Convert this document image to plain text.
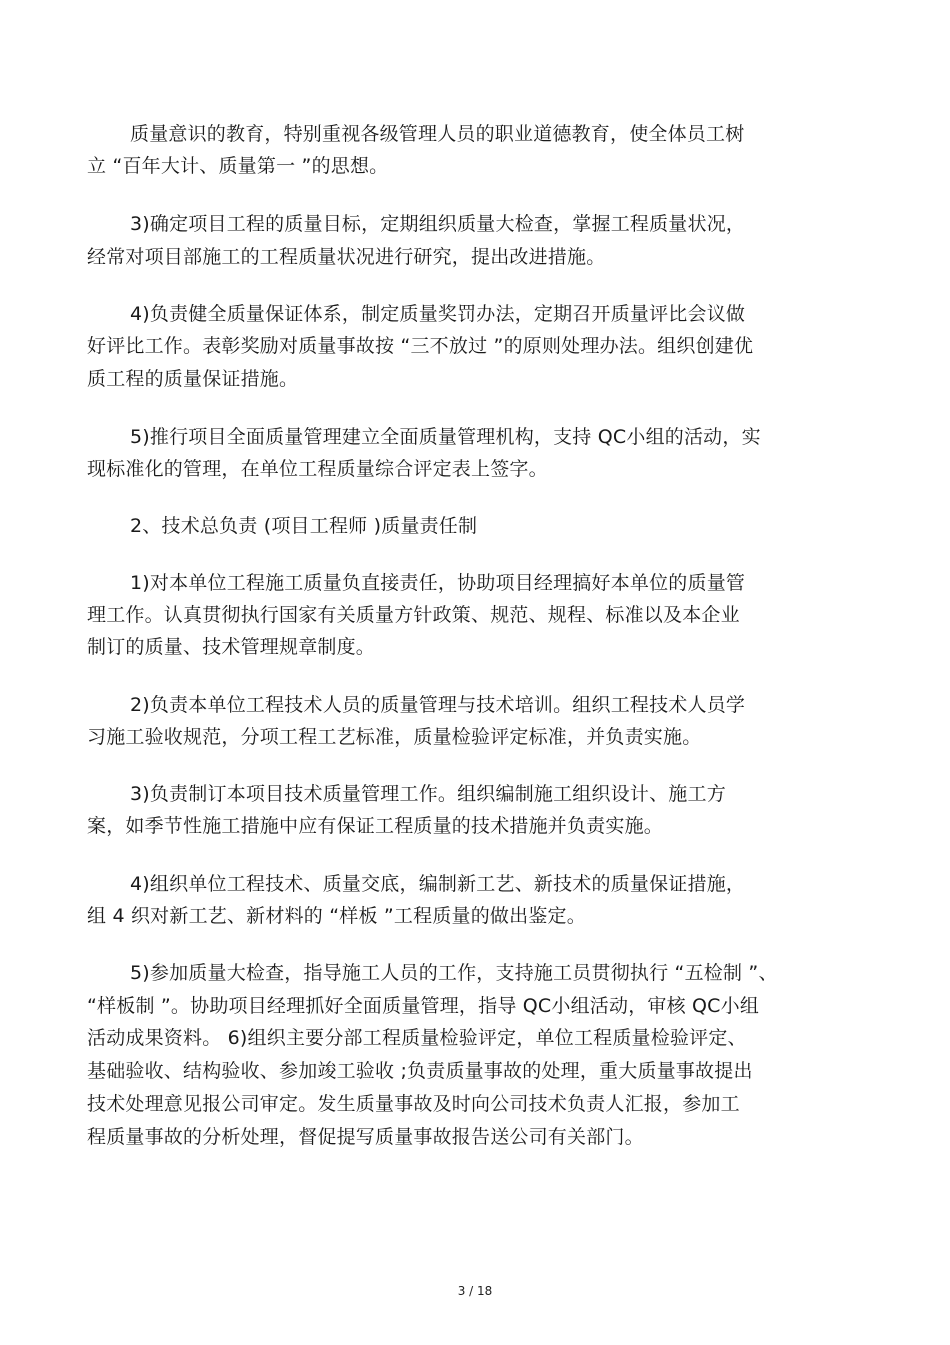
质量意识的教育，特别重视各级管理人员的职业道德教育，使全体员工树
立 “百年大计、质量第一 ”的思想。
3)确定项目工程的质量目标，定期组织质量大检查，掌握工程质量状况，
经常对项目部施工的工程质量状况进行研究，提出改进措施。
4)负责健全质量保证体系，制定质量奖罚办法，定期召开质量评比会议做
好评比工作。表彰奖励对质量事故按 “三不放过 ”的原则处理办法。组织创建优
质工程的质量保证措施。
5)推行项目全面质量管理建立全面质量管理机构，支持 QC小组的活动，实
现标准化的管理，在单位工程质量综合评定表上签字。
2、技术总负责 (项目工程师 )质量责任制
1)对本单位工程施工质量负直接责任，协助项目经理搞好本单位的质量管
理工作。认真贯彻执行国家有关质量方针政策、规范、规程、标准以及本企业
制订的质量、技术管理规章制度。
2)负责本单位工程技术人员的质量管理与技术培训。组织工程技术人员学
习施工验收规范，分项工程工艺标准，质量检验评定标准，并负责实施。
3)负责制订本项目技术质量管理工作。组织编制施工组织设计、施工方
案，如季节性施工措施中应有保证工程质量的技术措施并负责实施。
4)组织单位工程技术、质量交底，编制新工艺、新技术的质量保证措施，
组 4 织对新工艺、新材料的 “样板 ”工程质量的做出鉴定。
5)参加质量大检查，指导施工人员的工作，支持施工员贯彻执行 “五检制 ”、
“样板制 ”。协助项目经理抓好全面质量管理，指导 QC小组活动，审核 QC小组
活动成果资料。 6)组织主要分部工程质量检验评定，单位工程质量检验评定、
基础验收、结构验收、参加竣工验收 ;负责质量事故的处理，重大质量事故提出
技术处理意见报公司审定。发生质量事故及时向公司技术负责人汇报，参加工
程质量事故的分析处理，督促提写质量事故报告送公司有关部门。
3 / 18
